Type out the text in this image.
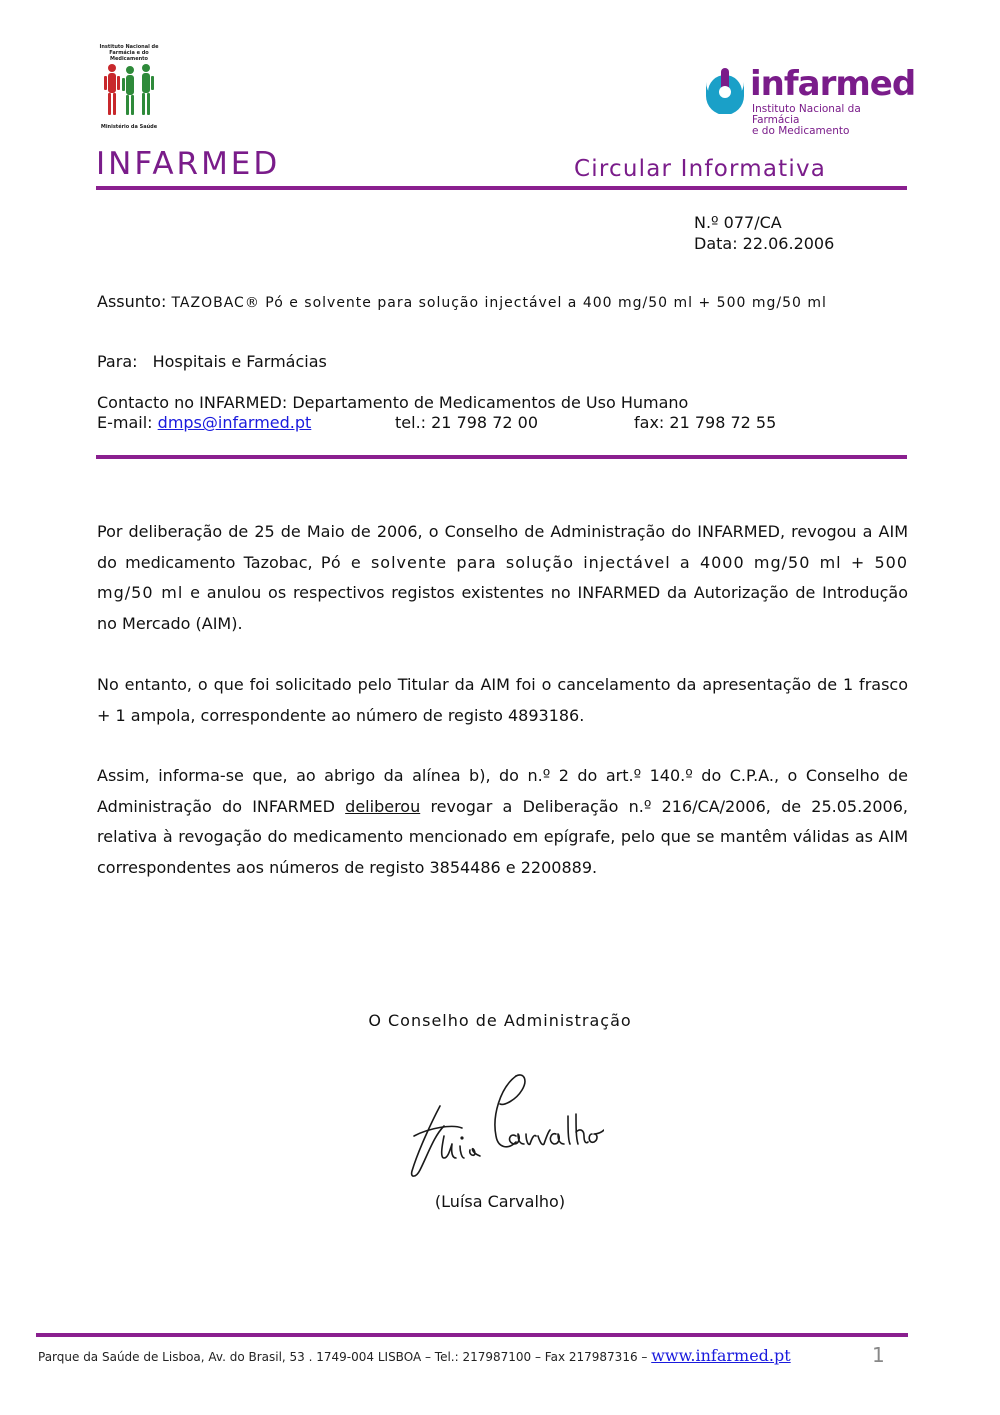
Instituto Nacional de Farmácia e do Medicamento
Ministério da Saúde
infarmed
Instituto Nacional da Farmácia
e do Medicamento
INFARMED	Circular Informativa
N.º 077/CA
Data: 22.06.2006
Assunto: TAZOBAC® Pó e solvente para solução injectável a 400 mg/50 ml + 500 mg/50 ml
Para: Hospitais e Farmácias
Contacto no INFARMED: Departamento de Medicamentos de Uso Humano
E-mail: dmps@infarmed.pt	tel.: 21 798 72 00	fax: 21 798 72 55

Por deliberação de 25 de Maio de 2006, o Conselho de Administração do INFARMED, revogou a AIM do medicamento Tazobac, Pó e solvente para solução injectável a 4000 mg/50 ml + 500 mg/50 ml e anulou os respectivos registos existentes no INFARMED da Autorização de Introdução no Mercado (AIM).

No entanto, o que foi solicitado pelo Titular da AIM foi o cancelamento da apresentação de 1 frasco + 1 ampola, correspondente ao número de registo 4893186.

Assim, informa-se que, ao abrigo da alínea b), do n.º 2 do art.º 140.º do C.P.A., o Conselho de Administração do INFARMED deliberou revogar a Deliberação n.º 216/CA/2006, de 25.05.2006, relativa à revogação do medicamento mencionado em epígrafe, pelo que se mantêm válidas as AIM correspondentes aos números de registo 3854486 e 2200889.

O Conselho de Administração
(Luísa Carvalho)
Parque da Saúde de Lisboa, Av. do Brasil, 53 . 1749-004 LISBOA – Tel.: 217987100 – Fax 217987316 – www.infarmed.pt	1
